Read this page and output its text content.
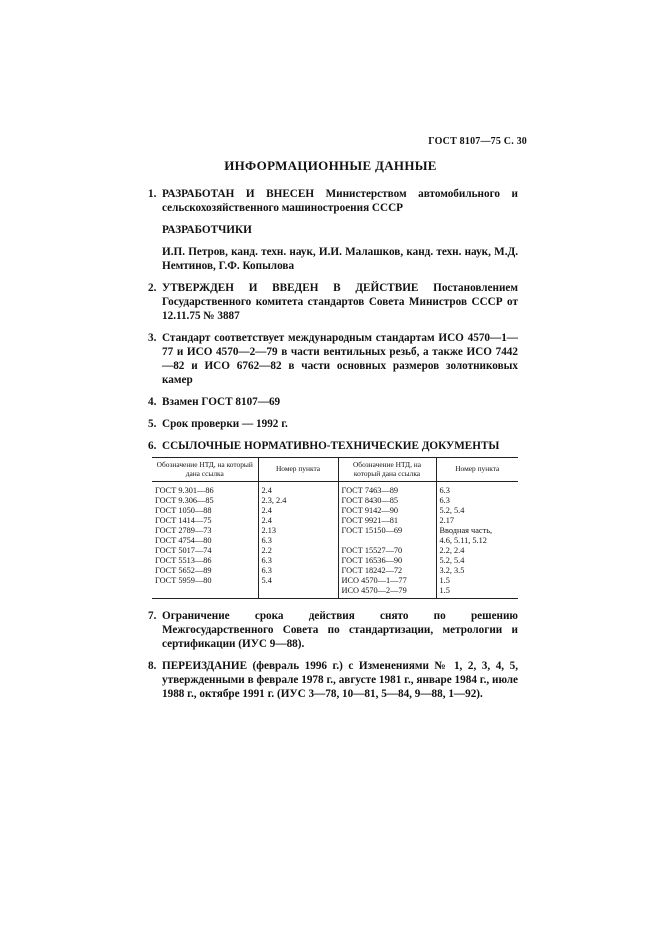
ГОСТ 8107—75 С. 30
ИНФОРМАЦИОННЫЕ ДАННЫЕ
1. РАЗРАБОТАН И ВНЕСЕН Министерством автомобильного и сельскохозяйственного машиностроения СССР
РАЗРАБОТЧИКИ
И.П. Петров, канд. техн. наук, И.И. Малашков, канд. техн. наук, М.Д. Немтинов, Г.Ф. Копылова
2. УТВЕРЖДЕН И ВВЕДЕН В ДЕЙСТВИЕ Постановлением Государственного комитета стандартов Совета Министров СССР от 12.11.75 № 3887
3. Стандарт соответствует международным стандартам ИСО 4570—1—77 и ИСО 4570—2—79 в части вентильных резьб, а также ИСО 7442—82 и ИСО 6762—82 в части основных размеров золотниковых камер
4. Взамен ГОСТ 8107—69
5. Срок проверки — 1992 г.
6. ССЫЛОЧНЫЕ НОРМАТИВНО-ТЕХНИЧЕСКИЕ ДОКУМЕНТЫ
Обозначение НТД, на который дана ссылка	Номер пункта	Обозначение НТД, на который дана ссылка	Номер пункта
ГОСТ 9.301—86	2.4	ГОСТ 7463—89	6.3
ГОСТ 9.306—85	2.3, 2.4	ГОСТ 8430—85	6.3
ГОСТ 1050—88	2.4	ГОСТ 9142—90	5.2, 5.4
ГОСТ 1414—75	2.4	ГОСТ 9921—81	2.17
ГОСТ 2789—73	2.13	ГОСТ 15150—69	Вводная часть,
ГОСТ 4754—80	6.3		4.6, 5.11, 5.12
ГОСТ 5017—74	2.2	ГОСТ 15527—70	2.2, 2.4
ГОСТ 5513—86	6.3	ГОСТ 16536—90	5.2, 5.4
ГОСТ 5652—89	6.3	ГОСТ 18242—72	3.2, 3.5
ГОСТ 5959—80	5.4	ИСО 4570—1—77	1.5
		ИСО 4570—2—79	1.5
7. Ограничение срока действия снято по решению Межгосударственного Совета по стандартизации, метрологии и сертификации (ИУС 9—88).
8. ПЕРЕИЗДАНИЕ (февраль 1996 г.) с Изменениями № 1, 2, 3, 4, 5, утвержденными в феврале 1978 г., августе 1981 г., январе 1984 г., июле 1988 г., октябре 1991 г. (ИУС 3—78, 10—81, 5—84, 9—88, 1—92).
